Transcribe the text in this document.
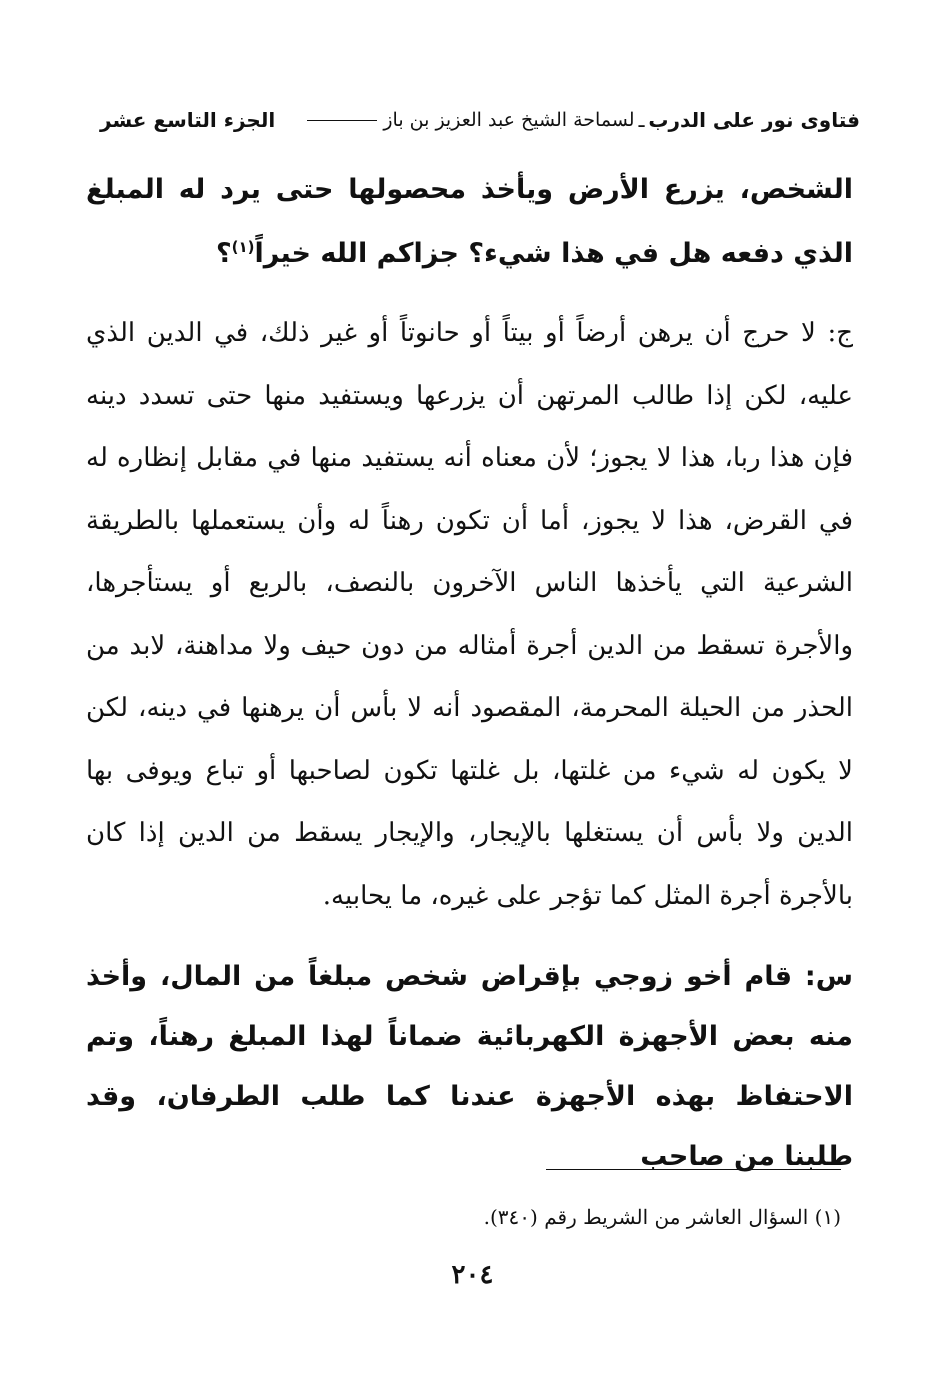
فتاوى نور على الدرب
ـ
لسماحة الشيخ عبد العزيز بن باز
الجزء التاسع عشر

الشخص، يزرع الأرض ويأخذ محصولها حتى يرد له المبلغ الذي دفعه هل في هذا شيء؟ جزاكم الله خيراً$^{(١)}$؟

ج: لا حرج أن يرهن أرضاً أو بيتاً أو حانوتاً أو غير ذلك، في الدين الذي عليه، لكن إذا طالب المرتهن أن يزرعها ويستفيد منها حتى تسدد دينه فإن هذا ربا، هذا لا يجوز؛ لأن معناه أنه يستفيد منها في مقابل إنظاره له في القرض، هذا لا يجوز، أما أن تكون رهناً له وأن يستعملها بالطريقة الشرعية التي يأخذها الناس الآخرون بالنصف، بالربع أو يستأجرها، والأجرة تسقط من الدين أجرة أمثاله من دون حيف ولا مداهنة، لابد من الحذر من الحيلة المحرمة، المقصود أنه لا بأس أن يرهنها في دينه، لكن لا يكون له شيء من غلتها، بل غلتها تكون لصاحبها أو تباع ويوفى بها الدين ولا بأس أن يستغلها بالإيجار، والإيجار يسقط من الدين إذا كان بالأجرة أجرة المثل كما تؤجر على غيره، ما يحابيه.

س: قام أخو زوجي بإقراض شخص مبلغاً من المال، وأخذ منه بعض الأجهزة الكهربائية ضماناً لهذا المبلغ رهناً، وتم الاحتفاظ بهذه الأجهزة عندنا كما طلب الطرفان، وقد طلبنا من صاحب

(١) السؤال العاشر من الشريط رقم (٣٤٠).
٢٠٤
